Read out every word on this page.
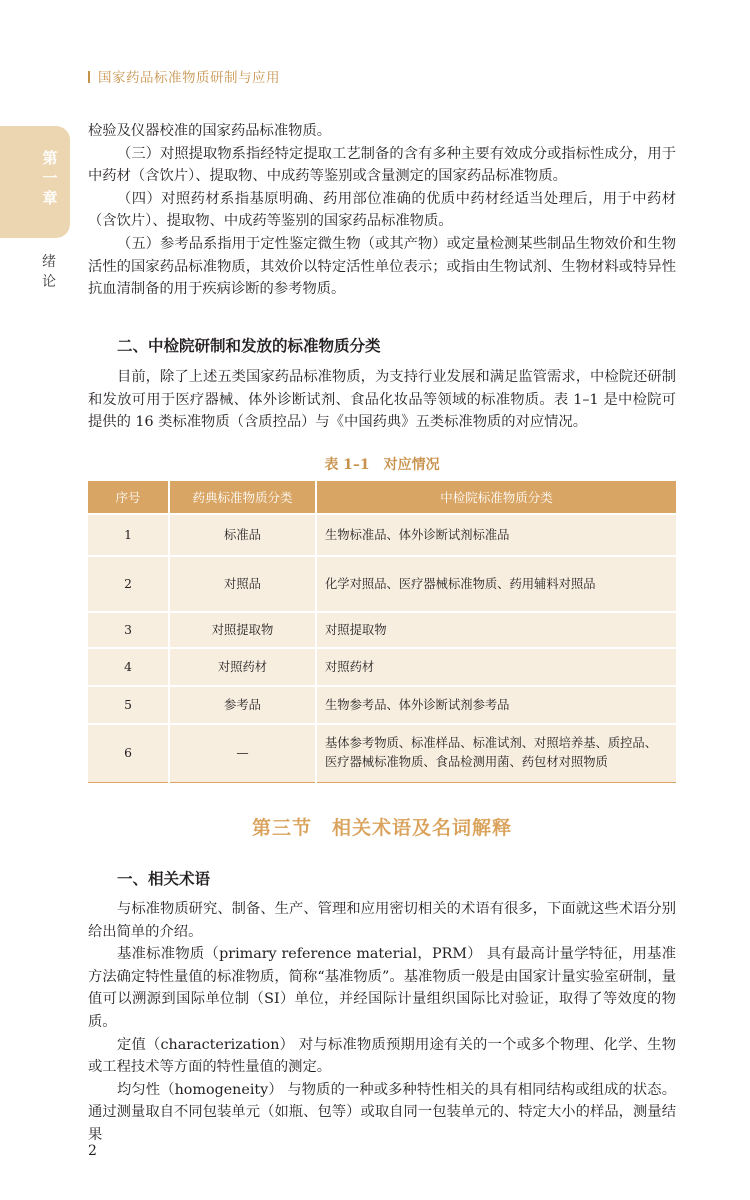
国家药品标准物质研制与应用
第一章
绪论

检验及仪器校准的国家药品标准物质。

（三）对照提取物系指经特定提取工艺制备的含有多种主要有效成分或指标性成分，用于中药材（含饮片）、提取物、中成药等鉴别或含量测定的国家药品标准物质。

（四）对照药材系指基原明确、药用部位准确的优质中药材经适当处理后，用于中药材（含饮片）、提取物、中成药等鉴别的国家药品标准物质。

（五）参考品系指用于定性鉴定微生物（或其产物）或定量检测某些制品生物效价和生物活性的国家药品标准物质，其效价以特定活性单位表示；或指由生物试剂、生物材料或特异性抗血清制备的用于疾病诊断的参考物质。

二、中检院研制和发放的标准物质分类

目前，除了上述五类国家药品标准物质，为支持行业发展和满足监管需求，中检院还研制和发放可用于医疗器械、体外诊断试剂、食品化妆品等领域的标准物质。表 1–1 是中检院可提供的 16 类标准物质（含质控品）与《中国药典》五类标准物质的对应情况。

表 1–1　对应情况
序号	药典标准物质分类	中检院标准物质分类
1	标准品	生物标准品、体外诊断试剂标准品
2	对照品	化学对照品、医疗器械标准物质、药用辅料对照品
3	对照提取物	对照提取物
4	对照药材	对照药材
5	参考品	生物参考品、体外诊断试剂参考品
6	—	基体参考物质、标准样品、标准试剂、对照培养基、质控品、医疗器械标准物质、食品检测用菌、药包材对照物质
第三节　相关术语及名词解释
一、相关术语

与标准物质研究、制备、生产、管理和应用密切相关的术语有很多，下面就这些术语分别给出简单的介绍。

基准标准物质（primary reference material，PRM） 具有最高计量学特征，用基准方法确定特性量值的标准物质，简称“基准物质”。基准物质一般是由国家计量实验室研制，量值可以溯源到国际单位制（SI）单位，并经国际计量组织国际比对验证，取得了等效度的物质。

定值（characterization） 对与标准物质预期用途有关的一个或多个物理、化学、生物或工程技术等方面的特性量值的测定。

均匀性（homogeneity） 与物质的一种或多种特性相关的具有相同结构或组成的状态。通过测量取自不同包装单元（如瓶、包等）或取自同一包装单元的、特定大小的样品，测量结果

2
